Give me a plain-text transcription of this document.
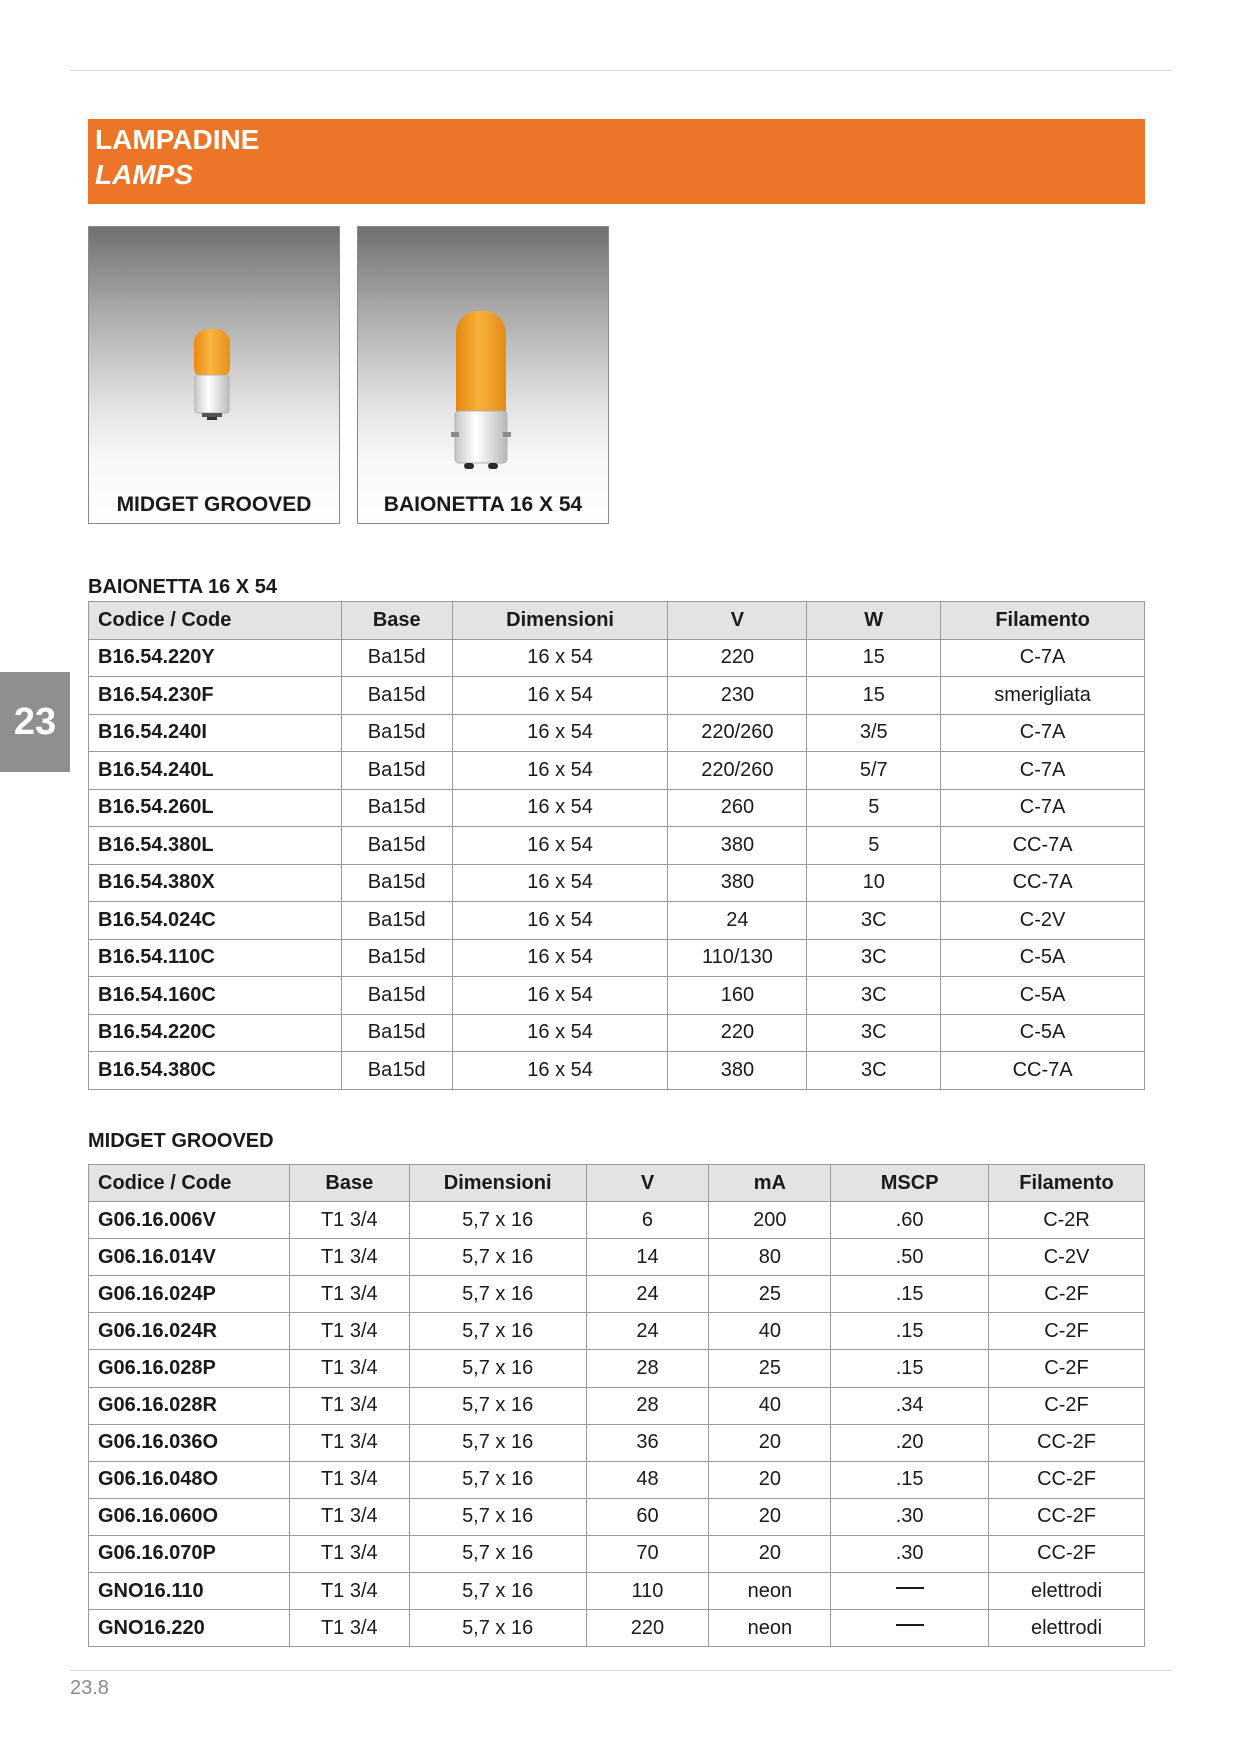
LAMPADINE
LAMPS
23
MIDGET GROOVED	BAIONETTA 16 X 54
BAIONETTA 16 X 54
Codice / Code	Base	Dimensioni	V	W	Filamento
B16.54.220Y	Ba15d	16 x 54	220	15	C-7A
B16.54.230F	Ba15d	16 x 54	230	15	smerigliata
B16.54.240I	Ba15d	16 x 54	220/260	3/5	C-7A
B16.54.240L	Ba15d	16 x 54	220/260	5/7	C-7A
B16.54.260L	Ba15d	16 x 54	260	5	C-7A
B16.54.380L	Ba15d	16 x 54	380	5	CC-7A
B16.54.380X	Ba15d	16 x 54	380	10	CC-7A
B16.54.024C	Ba15d	16 x 54	24	3C	C-2V
B16.54.110C	Ba15d	16 x 54	110/130	3C	C-5A
B16.54.160C	Ba15d	16 x 54	160	3C	C-5A
B16.54.220C	Ba15d	16 x 54	220	3C	C-5A
B16.54.380C	Ba15d	16 x 54	380	3C	CC-7A
MIDGET GROOVED
Codice / Code	Base	Dimensioni	V	mA	MSCP	Filamento
G06.16.006V	T1 3/4	5,7 x 16	6	200	.60	C-2R
G06.16.014V	T1 3/4	5,7 x 16	14	80	.50	C-2V
G06.16.024P	T1 3/4	5,7 x 16	24	25	.15	C-2F
G06.16.024R	T1 3/4	5,7 x 16	24	40	.15	C-2F
G06.16.028P	T1 3/4	5,7 x 16	28	25	.15	C-2F
G06.16.028R	T1 3/4	5,7 x 16	28	40	.34	C-2F
G06.16.036O	T1 3/4	5,7 x 16	36	20	.20	CC-2F
G06.16.048O	T1 3/4	5,7 x 16	48	20	.15	CC-2F
G06.16.060O	T1 3/4	5,7 x 16	60	20	.30	CC-2F
G06.16.070P	T1 3/4	5,7 x 16	70	20	.30	CC-2F
GNO16.110	T1 3/4	5,7 x 16	110	neon		elettrodi
GNO16.220	T1 3/4	5,7 x 16	220	neon		elettrodi
23.8
